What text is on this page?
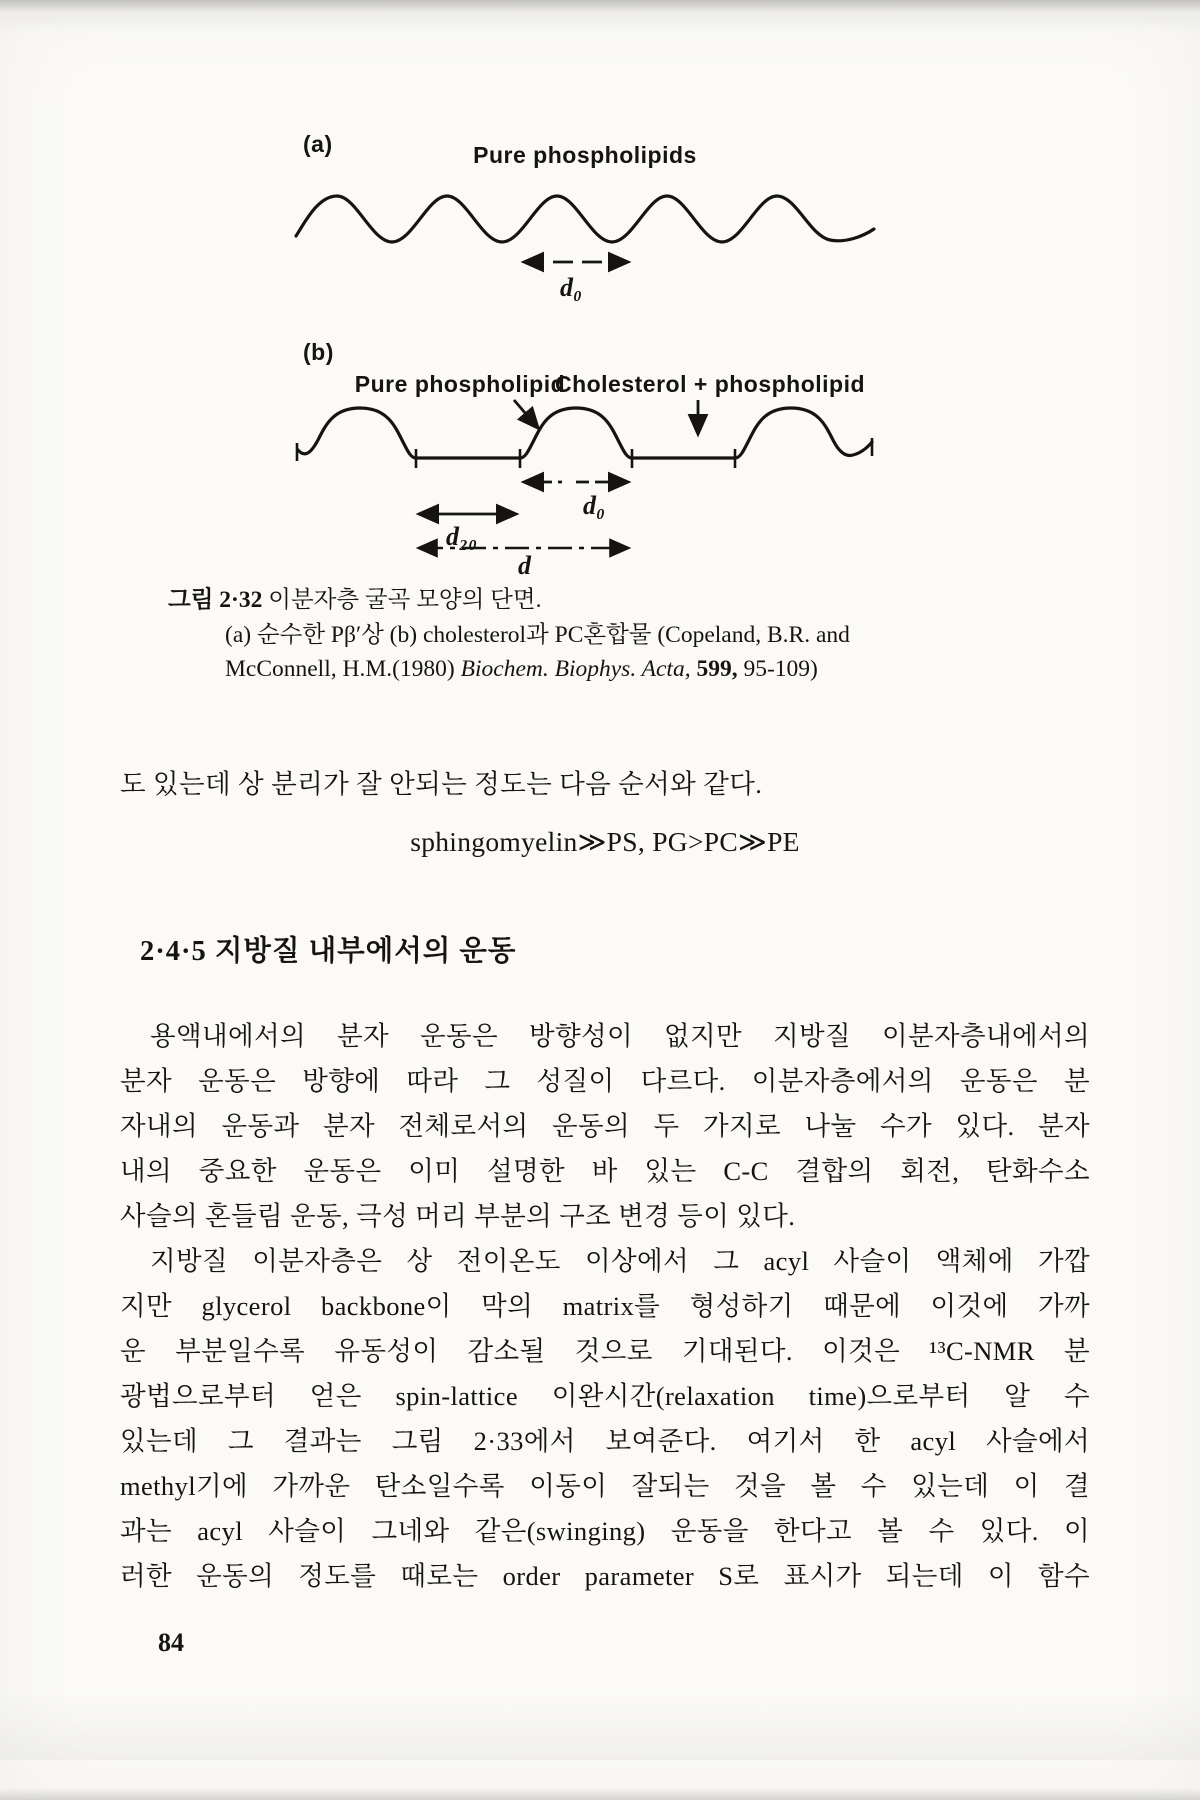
(a)	Pure phospholipids
d₀
(b)
Pure phospholipid
Cholesterol + phospholipid
d₀
d₂₀
d
그림 2·32 이분자층 굴곡 모양의 단면.
(a) 순수한 Pβ′상 (b) cholesterol과 PC혼합물 (Copeland, B.R. and
McConnell, H.M.(1980) Biochem. Biophys. Acta, 599, 95-109)
도 있는데 상 분리가 잘 안되는 정도는 다음 순서와 같다.
sphingomyelin≫PS, PG>PC≫PE
2·4·5 지방질 내부에서의 운동
용액내에서의 분자 운동은 방향성이 없지만 지방질 이분자층내에서의
분자 운동은 방향에 따라 그 성질이 다르다. 이분자층에서의 운동은 분
자내의 운동과 분자 전체로서의 운동의 두 가지로 나눌 수가 있다. 분자
내의 중요한 운동은 이미 설명한 바 있는 C-C 결합의 회전, 탄화수소
사슬의 혼들림 운동, 극성 머리 부분의 구조 변경 등이 있다.
지방질 이분자층은 상 전이온도 이상에서 그 acyl 사슬이 액체에 가깝
지만 glycerol backbone이 막의 matrix를 형성하기 때문에 이것에 가까
운 부분일수록 유동성이 감소될 것으로 기대된다. 이것은 ¹³C-NMR 분
광법으로부터 얻은 spin-lattice 이완시간(relaxation time)으로부터 알 수
있는데 그 결과는 그림 2·33에서 보여준다. 여기서 한 acyl 사슬에서
methyl기에 가까운 탄소일수록 이동이 잘되는 것을 볼 수 있는데 이 결
과는 acyl 사슬이 그네와 같은(swinging) 운동을 한다고 볼 수 있다. 이
러한 운동의 정도를 때로는 order parameter S로 표시가 되는데 이 함수
84
